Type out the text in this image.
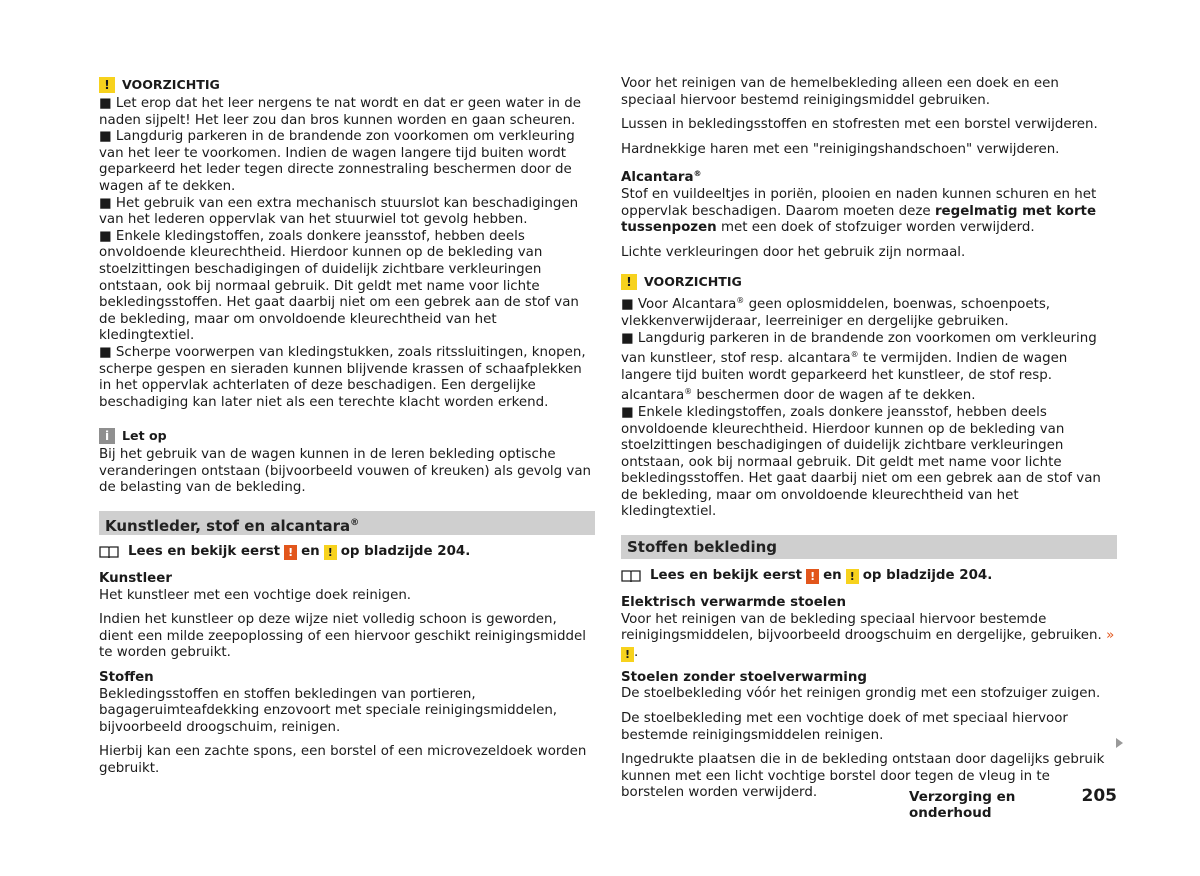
! VOORZICHTIG
■ Let erop dat het leer nergens te nat wordt en dat er geen water in de naden sijpelt! Het leer zou dan bros kunnen worden en gaan scheuren.
■ Langdurig parkeren in de brandende zon voorkomen om verkleuring van het leer te voorkomen. Indien de wagen langere tijd buiten wordt geparkeerd het leder tegen directe zonnestraling beschermen door de wagen af te dekken.
■ Het gebruik van een extra mechanisch stuurslot kan beschadigingen van het lederen oppervlak van het stuurwiel tot gevolg hebben.
■ Enkele kledingstoffen, zoals donkere jeansstof, hebben deels onvoldoende kleurechtheid. Hierdoor kunnen op de bekleding van stoelzittingen beschadigingen of duidelijk zichtbare verkleuringen ontstaan, ook bij normaal gebruik. Dit geldt met name voor lichte bekledingsstoffen. Het gaat daarbij niet om een gebrek aan de stof van de bekleding, maar om onvoldoende kleurechtheid van het kledingtextiel.
■ Scherpe voorwerpen van kledingstukken, zoals ritssluitingen, knopen, scherpe gespen en sieraden kunnen blijvende krassen of schaafplekken in het oppervlak achterlaten of deze beschadigen. Een dergelijke beschadiging kan later niet als een terechte klacht worden erkend.
i	Let op

Bij het gebruik van de wagen kunnen in de leren bekleding optische veranderingen ontstaan (bijvoorbeeld vouwen of kreuken) als gevolg van de belasting van de bekleding.

Kunstleder, stof en alcantara®
Lees en bekijk eerst ! en ! op bladzijde 204.
Kunstleer

Het kunstleer met een vochtige doek reinigen.

Indien het kunstleer op deze wijze niet volledig schoon is geworden, dient een milde zeepoplossing of een hiervoor geschikt reinigingsmiddel te worden gebruikt.

Stoffen

Bekledingsstoffen en stoffen bekledingen van portieren, bagageruimteafdekking enzovoort met speciale reinigingsmiddelen, bijvoorbeeld droogschuim, reinigen.

Hierbij kan een zachte spons, een borstel of een microvezeldoek worden gebruikt.

Voor het reinigen van de hemelbekleding alleen een doek en een speciaal hiervoor bestemd reinigingsmiddel gebruiken.

Lussen in bekledingsstoffen en stofresten met een borstel verwijderen.

Hardnekkige haren met een "reinigingshandschoen" verwijderen.

Alcantara®

Stof en vuildeeltjes in poriën, plooien en naden kunnen schuren en het oppervlak beschadigen. Daarom moeten deze regelmatig met korte tussenpozen met een doek of stofzuiger worden verwijderd.

Lichte verkleuringen door het gebruik zijn normaal.

! VOORZICHTIG
■ Voor Alcantara® geen oplosmiddelen, boenwas, schoenpoets, vlekkenverwijderaar, leerreiniger en dergelijke gebruiken.
■ Langdurig parkeren in de brandende zon voorkomen om verkleuring van kunstleer, stof resp. alcantara® te vermijden. Indien de wagen langere tijd buiten wordt geparkeerd het kunstleer, de stof resp. alcantara® beschermen door de wagen af te dekken.
■ Enkele kledingstoffen, zoals donkere jeansstof, hebben deels onvoldoende kleurechtheid. Hierdoor kunnen op de bekleding van stoelzittingen beschadigingen of duidelijk zichtbare verkleuringen ontstaan, ook bij normaal gebruik. Dit geldt met name voor lichte bekledingsstoffen. Het gaat daarbij niet om een gebrek aan de stof van de bekleding, maar om onvoldoende kleurechtheid van het kledingtextiel.
Stoffen bekleding
Lees en bekijk eerst ! en ! op bladzijde 204.
Elektrisch verwarmde stoelen

Voor het reinigen van de bekleding speciaal hiervoor bestemde reinigingsmiddelen, bijvoorbeeld droogschuim en dergelijke, gebruiken. » ! .

Stoelen zonder stoelverwarming

De stoelbekleding vóór het reinigen grondig met een stofzuiger zuigen.

De stoelbekleding met een vochtige doek of met speciaal hiervoor bestemde reinigingsmiddelen reinigen.

Ingedrukte plaatsen die in de bekleding ontstaan door dagelijks gebruik kunnen met een licht vochtige borstel door tegen de vleug in te borstelen worden verwijderd.	Verzorging en onderhoud
205
